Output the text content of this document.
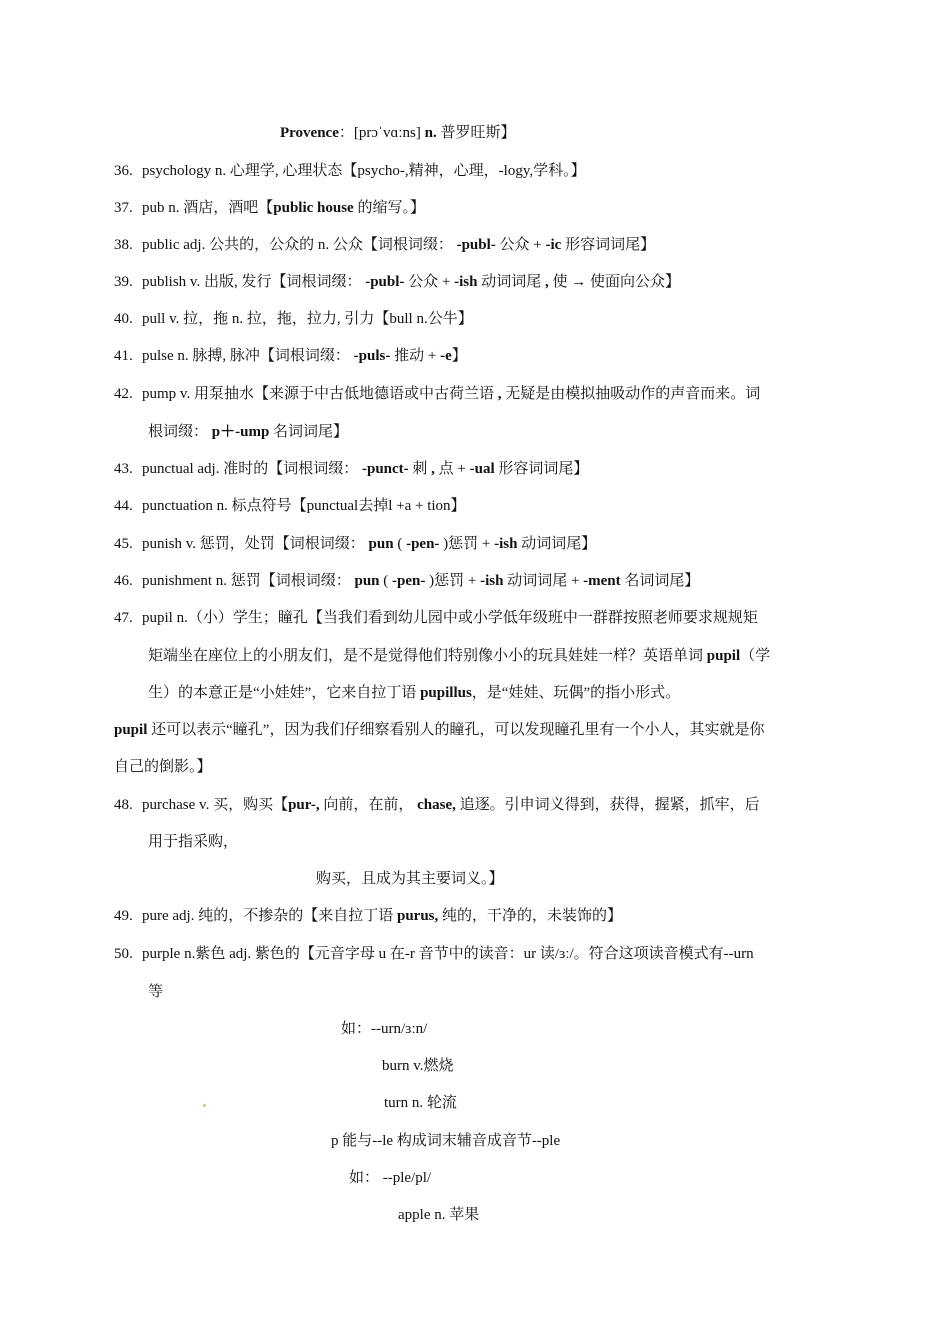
Provence：[prɔˈvɑːns] n. 普罗旺斯】
36. psychology n. 心理学, 心理状态【psycho-,精神，心理，-logy,学科。】
37. pub n. 酒店，酒吧【public house 的缩写。】
38. public adj. 公共的，公众的 n. 公众【词根词缀： -publ- 公众 + -ic 形容词词尾】
39. publish v. 出版, 发行【词根词缀： -publ- 公众 + -ish 动词词尾 , 使 → 使面向公众】
40. pull v. 拉，拖 n. 拉，拖，拉力, 引力【bull n.公牛】
41. pulse n. 脉搏, 脉冲【词根词缀： -puls- 推动 + -e】
42. pump v. 用泵抽水【来源于中古低地德语或中古荷兰语 , 无疑是由模拟抽吸动作的声音而来。词
根词缀： p＋-ump 名词词尾】
43. punctual adj. 准时的【词根词缀： -punct- 刺 , 点 + -ual 形容词词尾】
44. punctuation n. 标点符号【punctual去掉l +a + tion】
45. punish v. 惩罚，处罚【词根词缀： pun ( -pen- )惩罚 + -ish 动词词尾】
46. punishment n. 惩罚【词根词缀： pun ( -pen- )惩罚 + -ish 动词词尾 + -ment 名词词尾】
47. pupil n.（小）学生；瞳孔【当我们看到幼儿园中或小学低年级班中一群群按照老师要求规规矩
矩端坐在座位上的小朋友们，是不是觉得他们特别像小小的玩具娃娃一样？英语单词 pupil（学
生）的本意正是“小娃娃”，它来自拉丁语 pupillus，是“娃娃、玩偶”的指小形式。
pupil 还可以表示“瞳孔”，因为我们仔细察看别人的瞳孔，可以发现瞳孔里有一个小人，其实就是你
自己的倒影。】
48. purchase v. 买，购买【pur-, 向前，在前， chase, 追逐。引申词义得到，获得，握紧，抓牢，后
用于指采购，
购买，且成为其主要词义。】
49. pure adj. 纯的，不掺杂的【来自拉丁语 purus, 纯的，干净的，未装饰的】
50. purple n.紫色 adj. 紫色的【元音字母 u 在-r 音节中的读音：ur 读/ɜː/。符合这项读音模式有--urn
等
如：--urn/ɜːn/
burn v.燃烧
turn n. 轮流
p 能与--le 构成词末辅音成音节--ple
如： --ple/pl/
apple n. 苹果
